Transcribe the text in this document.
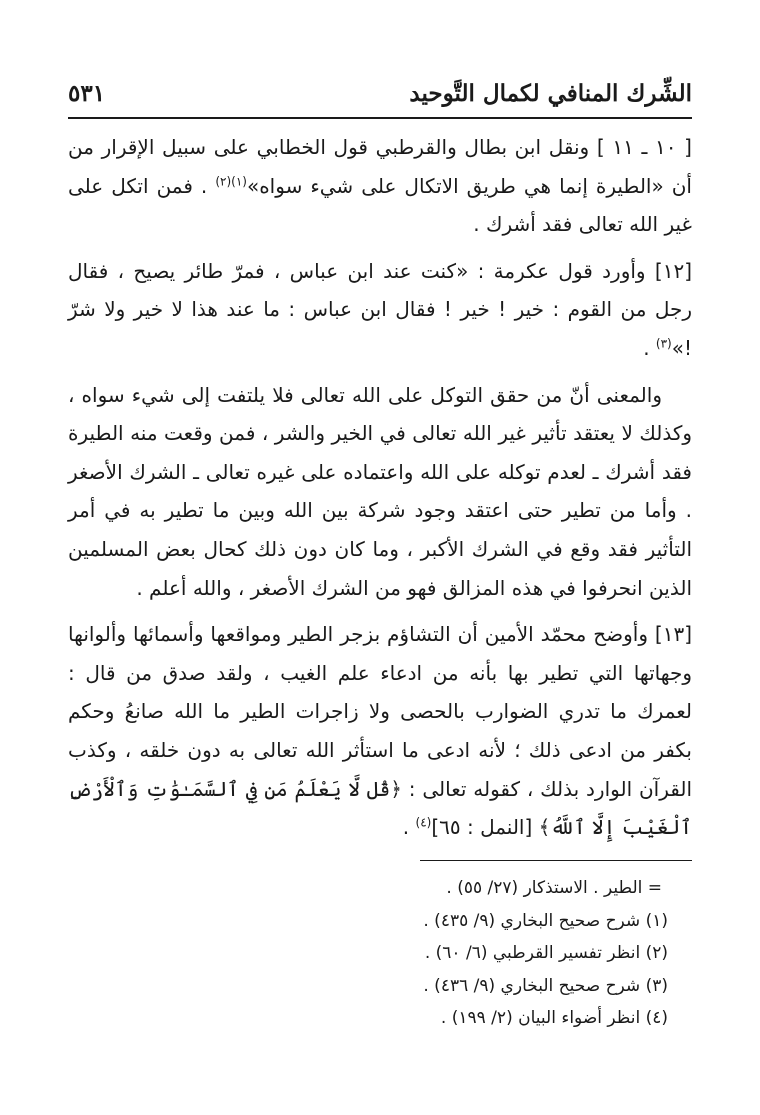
الشِّرك المنافي لكمال التَّوحيد
٥٣١

[ ١٠ ـ ١١ ] ونقل ابن بطال والقرطبي قول الخطابي على سبيل الإقرار من أن «الطيرة إنما هي طريق الاتكال على شيء سواه»$^{(١)(٢)}$ . فمن اتكل على غير الله تعالى فقد أشرك .

[١٢] وأورد قول عكرمة : «كنت عند ابن عباس ، فمرّ طائر يصيح ، فقال رجل من القوم : خير ! خير ! فقال ابن عباس : ما عند هذا لا خير ولا شرّ !»$^{(٣)}$ .

والمعنى أنّ من حقق التوكل على الله تعالى فلا يلتفت إلى شيء سواه ، وكذلك لا يعتقد تأثير غير الله تعالى في الخير والشر ، فمن وقعت منه الطيرة فقد أشرك ـ لعدم توكله على الله واعتماده على غيره تعالى ـ الشرك الأصغر . وأما من تطير حتى اعتقد وجود شركة بين الله وبين ما تطير به في أمر التأثير فقد وقع في الشرك الأكبر ، وما كان دون ذلك كحال بعض المسلمين الذين انحرفوا في هذه المزالق فهو من الشرك الأصغر ، والله أعلم .

[١٣] وأوضح محمّد الأمين أن التشاؤم بزجر الطير ومواقعها وأسمائها وألوانها وجهاتها التي تطير بها بأنه من ادعاء علم الغيب ، ولقد صدق من قال : لعمرك ما تدري الضوارب بالحصى ولا زاجرات الطير ما الله صانعُ وحكم بكفر من ادعى ذلك ؛ لأنه ادعى ما استأثر الله تعالى به دون خلقه ، وكذب القرآن الوارد بذلك ، كقوله تعالى : ﴿قُل لَّا يَعْلَمُ مَن فِي ٱلسَّمَـٰوَٰتِ وَٱلْأَرْضِ ٱلْغَيْبَ إِلَّا ٱللَّهُ﴾ [النمل : ٦٥]$^{(٤)}$ .

= الطير . الاستذكار (٢٧/ ٥٥) .
(١) شرح صحيح البخاري (٩/ ٤٣٥) .
(٢) انظر تفسير القرطبي (٦/ ٦٠) .
(٣) شرح صحيح البخاري (٩/ ٤٣٦) .
(٤) انظر أضواء البيان (٢/ ١٩٩) .
